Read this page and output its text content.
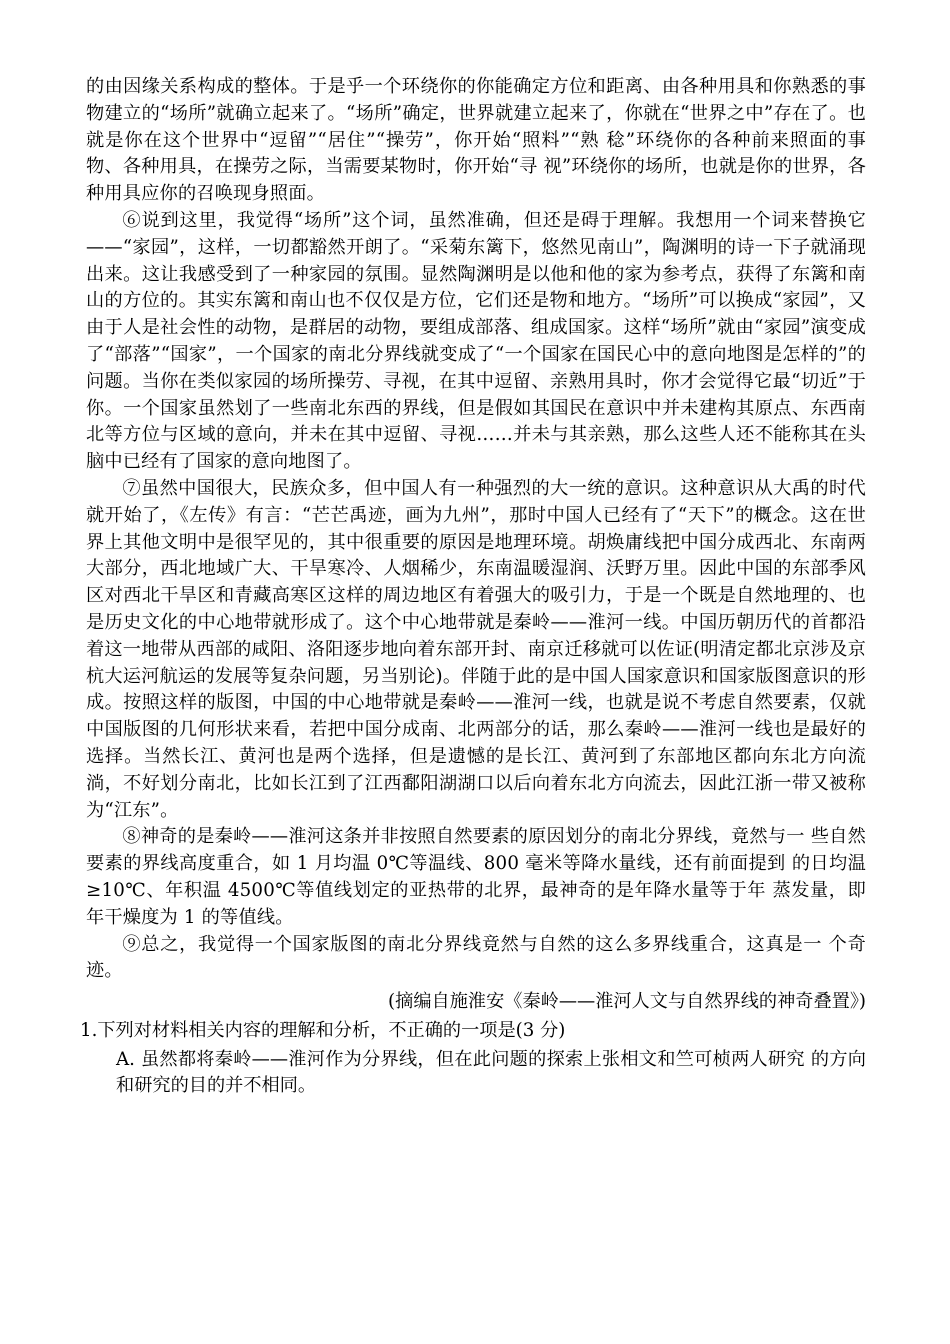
的由因缘关系构成的整体。于是乎一个环绕你的你能确定方位和距离、由各种用具和你熟悉的事物建立的“场所”就确立起来了。“场所”确定，世界就建立起来了，你就在“世界之中”存在了。也就是你在这个世界中“逗留”“居住”“操劳”，你开始“照料”“熟 稔”环绕你的各种前来照面的事物、各种用具，在操劳之际，当需要某物时，你开始“寻 视”环绕你的场所，也就是你的世界，各种用具应你的召唤现身照面。

⑥说到这里，我觉得“场所”这个词，虽然准确，但还是碍于理解。我想用一个词来替换它——“家园”，这样，一切都豁然开朗了。“采菊东篱下，悠然见南山”，陶渊明的诗一下子就涌现出来。这让我感受到了一种家园的氛围。显然陶渊明是以他和他的家为参考点，获得了东篱和南山的方位的。其实东篱和南山也不仅仅是方位，它们还是物和地方。“场所”可以换成“家园”，又由于人是社会性的动物，是群居的动物，要组成部落、组成国家。这样“场所”就由“家园”演变成了“部落”“国家”，一个国家的南北分界线就变成了“一个国家在国民心中的意向地图是怎样的”的问题。当你在类似家园的场所操劳、寻视，在其中逗留、亲熟用具时，你才会觉得它最“切近”于你。一个国家虽然划了一些南北东西的界线，但是假如其国民在意识中并未建构其原点、东西南北等方位与区域的意向，并未在其中逗留、寻视……并未与其亲熟，那么这些人还不能称其在头脑中已经有了国家的意向地图了。

⑦虽然中国很大，民族众多，但中国人有一种强烈的大一统的意识。这种意识从大禹的时代就开始了，《左传》有言：“芒芒禹迹，画为九州”，那时中国人已经有了“天下”的概念。这在世界上其他文明中是很罕见的，其中很重要的原因是地理环境。胡焕庸线把中国分成西北、东南两大部分，西北地域广大、干旱寒冷、人烟稀少，东南温暖湿润、沃野万里。因此中国的东部季风区对西北干旱区和青藏高寒区这样的周边地区有着强大的吸引力，于是一个既是自然地理的、也是历史文化的中心地带就形成了。这个中心地带就是秦岭——淮河一线。中国历朝历代的首都沿着这一地带从西部的咸阳、洛阳逐步地向着东部开封、南京迁移就可以佐证(明清定都北京涉及京杭大运河航运的发展等复杂问题，另当别论)。伴随于此的是中国人国家意识和国家版图意识的形成。按照这样的版图，中国的中心地带就是秦岭——淮河一线，也就是说不考虑自然要素，仅就中国版图的几何形状来看，若把中国分成南、北两部分的话，那么秦岭——淮河一线也是最好的选择。当然长江、黄河也是两个选择，但是遗憾的是长江、黄河到了东部地区都向东北方向流淌，不好划分南北，比如长江到了江西鄱阳湖湖口以后向着东北方向流去，因此江浙一带又被称为“江东”。

⑧神奇的是秦岭——淮河这条并非按照自然要素的原因划分的南北分界线，竟然与一 些自然要素的界线高度重合，如 1 月均温 0℃等温线、800 毫米等降水量线，还有前面提到 的日均温≥10℃、年积温 4500℃等值线划定的亚热带的北界，最神奇的是年降水量等于年 蒸发量，即年干燥度为 1 的等值线。

⑨总之，我觉得一个国家版图的南北分界线竟然与自然的这么多界线重合，这真是一 个奇迹。

(摘编自施淮安《秦岭——淮河人文与自然界线的神奇叠置》)

1.下列对材料相关内容的理解和分析，不正确的一项是(3 分)

A. 虽然都将秦岭——淮河作为分界线，但在此问题的探索上张相文和竺可桢两人研究 的方向和研究的目的并不相同。
